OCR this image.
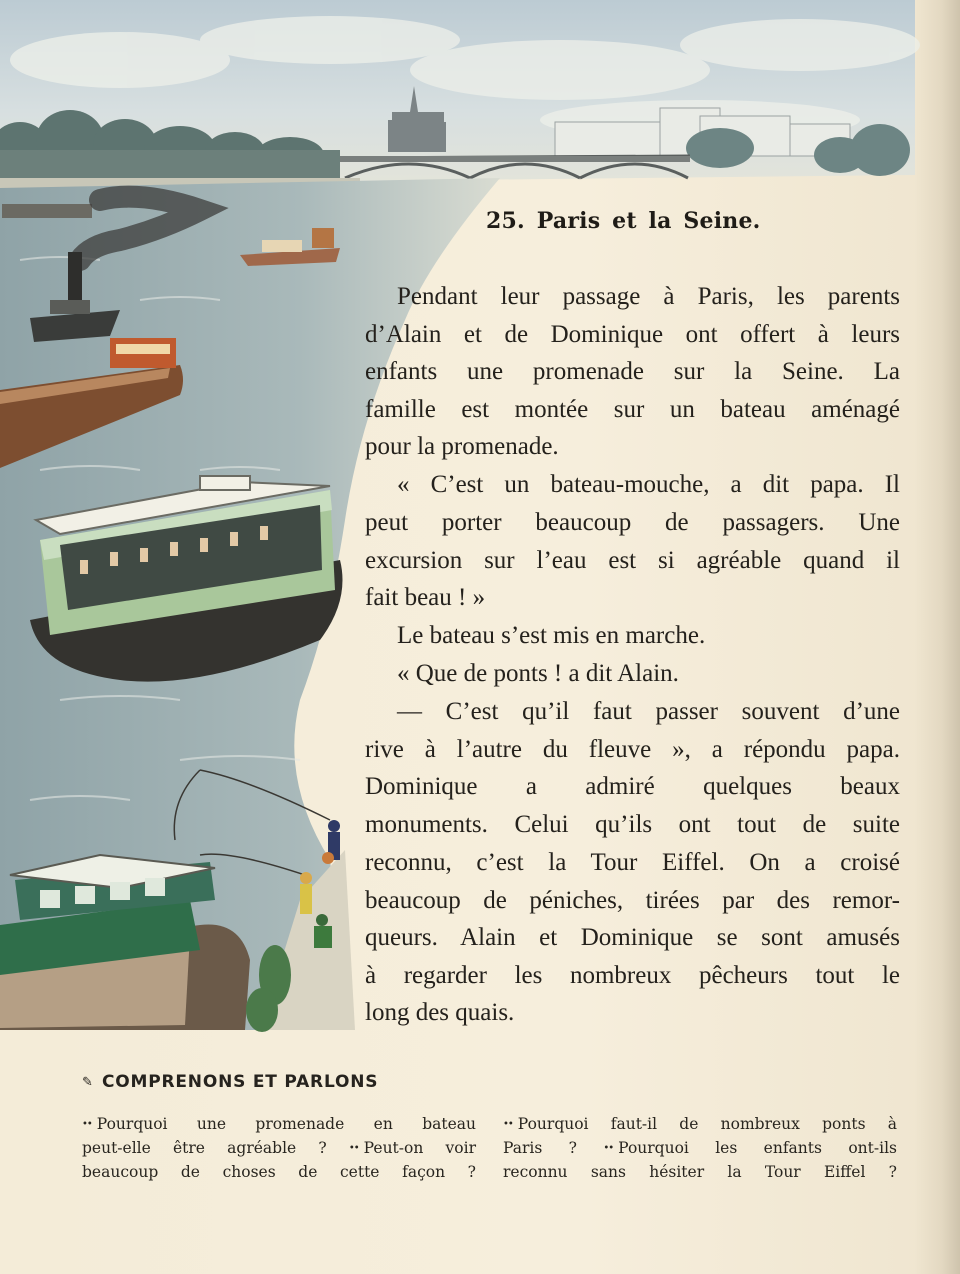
25. Paris et la Seine.
Pendant leur passage à Paris, les parents
d’Alain et de Dominique ont offert à leurs
enfants une promenade sur la Seine. La
famille est montée sur un bateau aménagé
pour la promenade.
« C’est un bateau-mouche, a dit papa. Il
peut porter beaucoup de passagers. Une
excursion sur l’eau est si agréable quand il
fait beau ! »
Le bateau s’est mis en marche.
« Que de ponts ! a dit Alain.
— C’est qu’il faut passer souvent d’une
rive à l’autre du fleuve », a répondu papa.
Dominique a admiré quelques beaux
monuments. Celui qu’ils ont tout de suite
reconnu, c’est la Tour Eiffel. On a croisé
beaucoup de péniches, tirées par des remor-
queurs. Alain et Dominique se sont amusés
à regarder les nombreux pêcheurs tout le
long des quais.
✎ COMPRENONS ET PARLONS
•• Pourquoi une promenade en bateau
peut-elle être agréable ? •• Peut-on voir
beaucoup de choses de cette façon ?
•• Pourquoi faut-il de nombreux ponts à
Paris ?	•• Pourquoi les enfants ont-ils
reconnu sans hésiter la Tour Eiffel ?
